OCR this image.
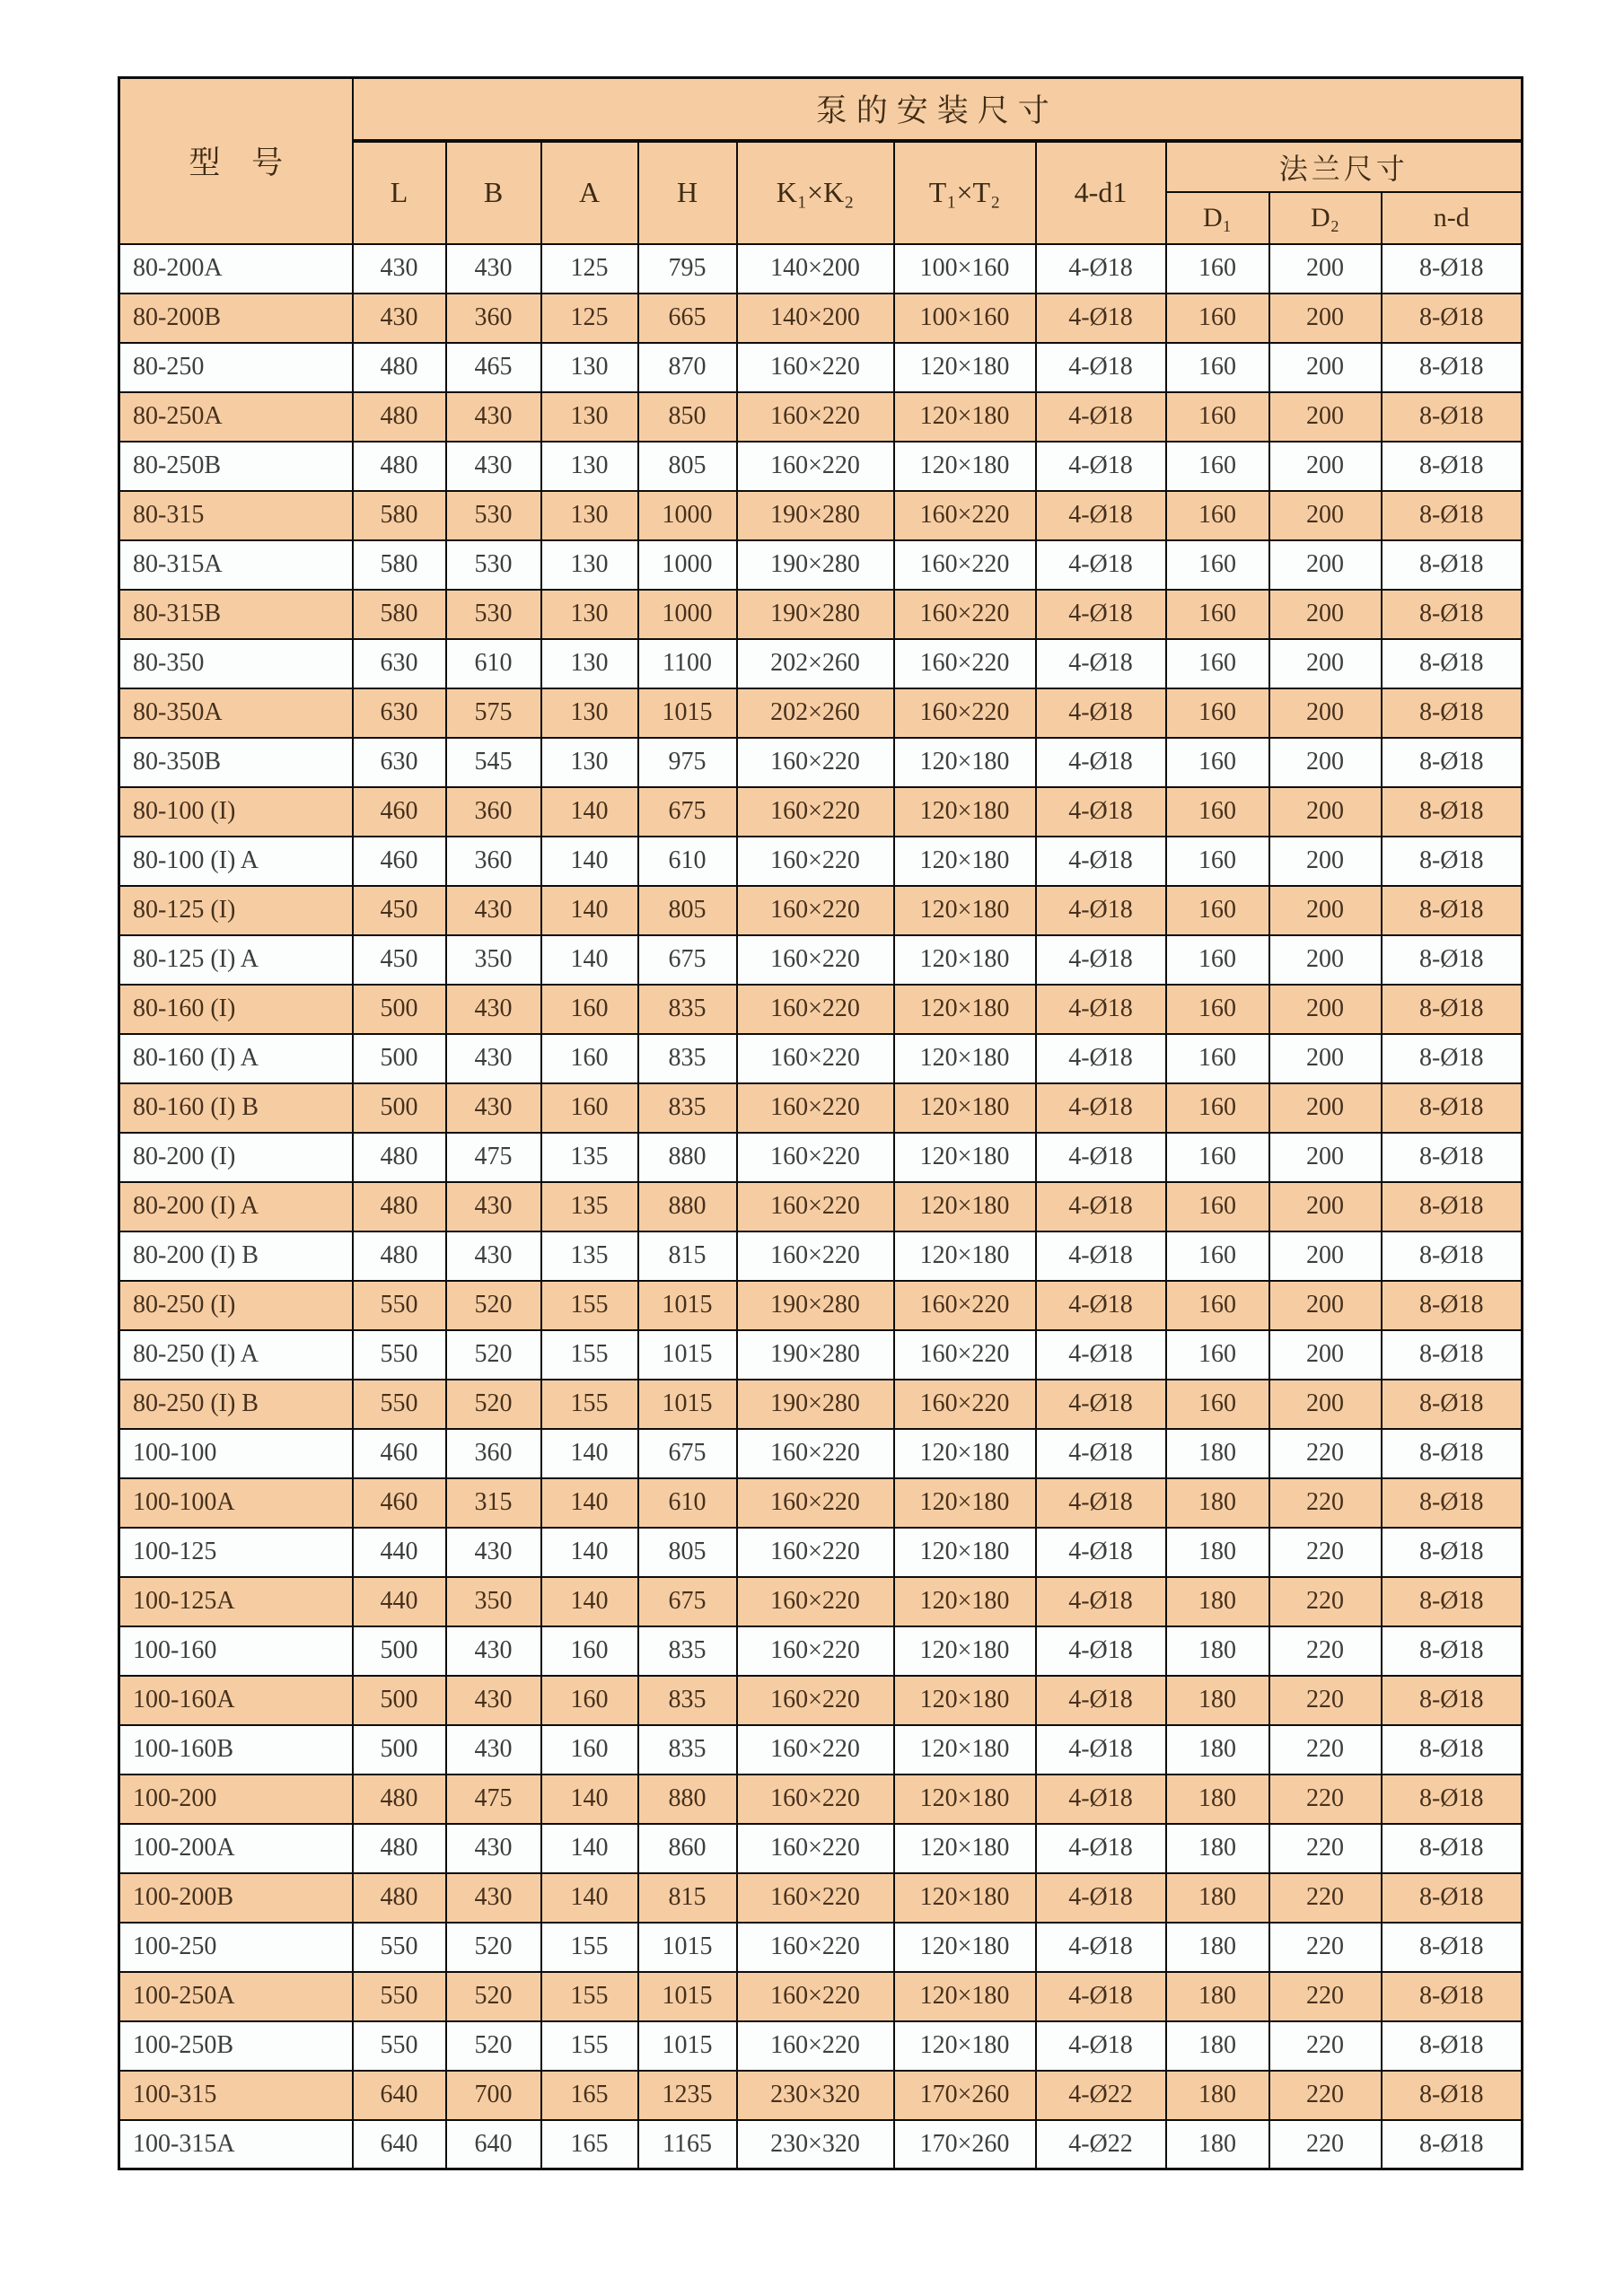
型 号	泵的安装尺寸									
	L	B	A	H	K₁×K₂	T₁×T₂	4-d1	法兰尺寸		
								D₁	D₂	n-d
80-200A	430	430	125	795	140×200	100×160	4-Ø18	160	200	8-Ø18
80-200B	430	360	125	665	140×200	100×160	4-Ø18	160	200	8-Ø18
80-250	480	465	130	870	160×220	120×180	4-Ø18	160	200	8-Ø18
80-250A	480	430	130	850	160×220	120×180	4-Ø18	160	200	8-Ø18
80-250B	480	430	130	805	160×220	120×180	4-Ø18	160	200	8-Ø18
80-315	580	530	130	1000	190×280	160×220	4-Ø18	160	200	8-Ø18
80-315A	580	530	130	1000	190×280	160×220	4-Ø18	160	200	8-Ø18
80-315B	580	530	130	1000	190×280	160×220	4-Ø18	160	200	8-Ø18
80-350	630	610	130	1100	202×260	160×220	4-Ø18	160	200	8-Ø18
80-350A	630	575	130	1015	202×260	160×220	4-Ø18	160	200	8-Ø18
80-350B	630	545	130	975	160×220	120×180	4-Ø18	160	200	8-Ø18
80-100 (I)	460	360	140	675	160×220	120×180	4-Ø18	160	200	8-Ø18
80-100 (I) A	460	360	140	610	160×220	120×180	4-Ø18	160	200	8-Ø18
80-125 (I)	450	430	140	805	160×220	120×180	4-Ø18	160	200	8-Ø18
80-125 (I) A	450	350	140	675	160×220	120×180	4-Ø18	160	200	8-Ø18
80-160 (I)	500	430	160	835	160×220	120×180	4-Ø18	160	200	8-Ø18
80-160 (I) A	500	430	160	835	160×220	120×180	4-Ø18	160	200	8-Ø18
80-160 (I) B	500	430	160	835	160×220	120×180	4-Ø18	160	200	8-Ø18
80-200 (I)	480	475	135	880	160×220	120×180	4-Ø18	160	200	8-Ø18
80-200 (I) A	480	430	135	880	160×220	120×180	4-Ø18	160	200	8-Ø18
80-200 (I) B	480	430	135	815	160×220	120×180	4-Ø18	160	200	8-Ø18
80-250 (I)	550	520	155	1015	190×280	160×220	4-Ø18	160	200	8-Ø18
80-250 (I) A	550	520	155	1015	190×280	160×220	4-Ø18	160	200	8-Ø18
80-250 (I) B	550	520	155	1015	190×280	160×220	4-Ø18	160	200	8-Ø18
100-100	460	360	140	675	160×220	120×180	4-Ø18	180	220	8-Ø18
100-100A	460	315	140	610	160×220	120×180	4-Ø18	180	220	8-Ø18
100-125	440	430	140	805	160×220	120×180	4-Ø18	180	220	8-Ø18
100-125A	440	350	140	675	160×220	120×180	4-Ø18	180	220	8-Ø18
100-160	500	430	160	835	160×220	120×180	4-Ø18	180	220	8-Ø18
100-160A	500	430	160	835	160×220	120×180	4-Ø18	180	220	8-Ø18
100-160B	500	430	160	835	160×220	120×180	4-Ø18	180	220	8-Ø18
100-200	480	475	140	880	160×220	120×180	4-Ø18	180	220	8-Ø18
100-200A	480	430	140	860	160×220	120×180	4-Ø18	180	220	8-Ø18
100-200B	480	430	140	815	160×220	120×180	4-Ø18	180	220	8-Ø18
100-250	550	520	155	1015	160×220	120×180	4-Ø18	180	220	8-Ø18
100-250A	550	520	155	1015	160×220	120×180	4-Ø18	180	220	8-Ø18
100-250B	550	520	155	1015	160×220	120×180	4-Ø18	180	220	8-Ø18
100-315	640	700	165	1235	230×320	170×260	4-Ø22	180	220	8-Ø18
100-315A	640	640	165	1165	230×320	170×260	4-Ø22	180	220	8-Ø18
